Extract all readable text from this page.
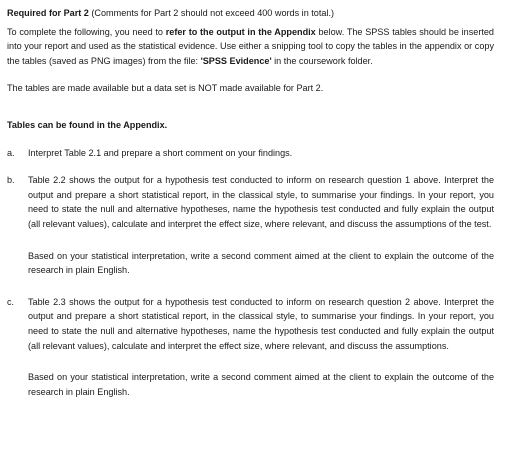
Required for Part 2 (Comments for Part 2 should not exceed 400 words in total.)

To complete the following, you need to refer to the output in the Appendix below. The SPSS tables should be inserted into your report and used as the statistical evidence. Use either a snipping tool to copy the tables in the appendix or copy the tables (saved as PNG images) from the file: 'SPSS Evidence' in the coursework folder.

The tables are made available but a data set is NOT made available for Part 2.

Tables can be found in the Appendix.

a.	Interpret Table 2.1 and prepare a short comment on your findings.
b.	Table 2.2 shows the output for a hypothesis test conducted to inform on research question 1 above. Interpret the output and prepare a short statistical report, in the classical style, to summarise your findings. In your report, you need to state the null and alternative hypotheses, name the hypothesis test conducted and fully explain the output (all relevant values), calculate and interpret the effect size, where relevant, and discuss the assumptions of the test.

Based on your statistical interpretation, write a second comment aimed at the client to explain the outcome of the research in plain English.

c.	Table 2.3 shows the output for a hypothesis test conducted to inform on research question 2 above. Interpret the output and prepare a short statistical report, in the classical style, to summarise your findings. In your report, you need to state the null and alternative hypotheses, name the hypothesis test conducted and fully explain the output (all relevant values), calculate and interpret the effect size, where relevant, and discuss the assumptions.

Based on your statistical interpretation, write a second comment aimed at the client to explain the outcome of the research in plain English.
